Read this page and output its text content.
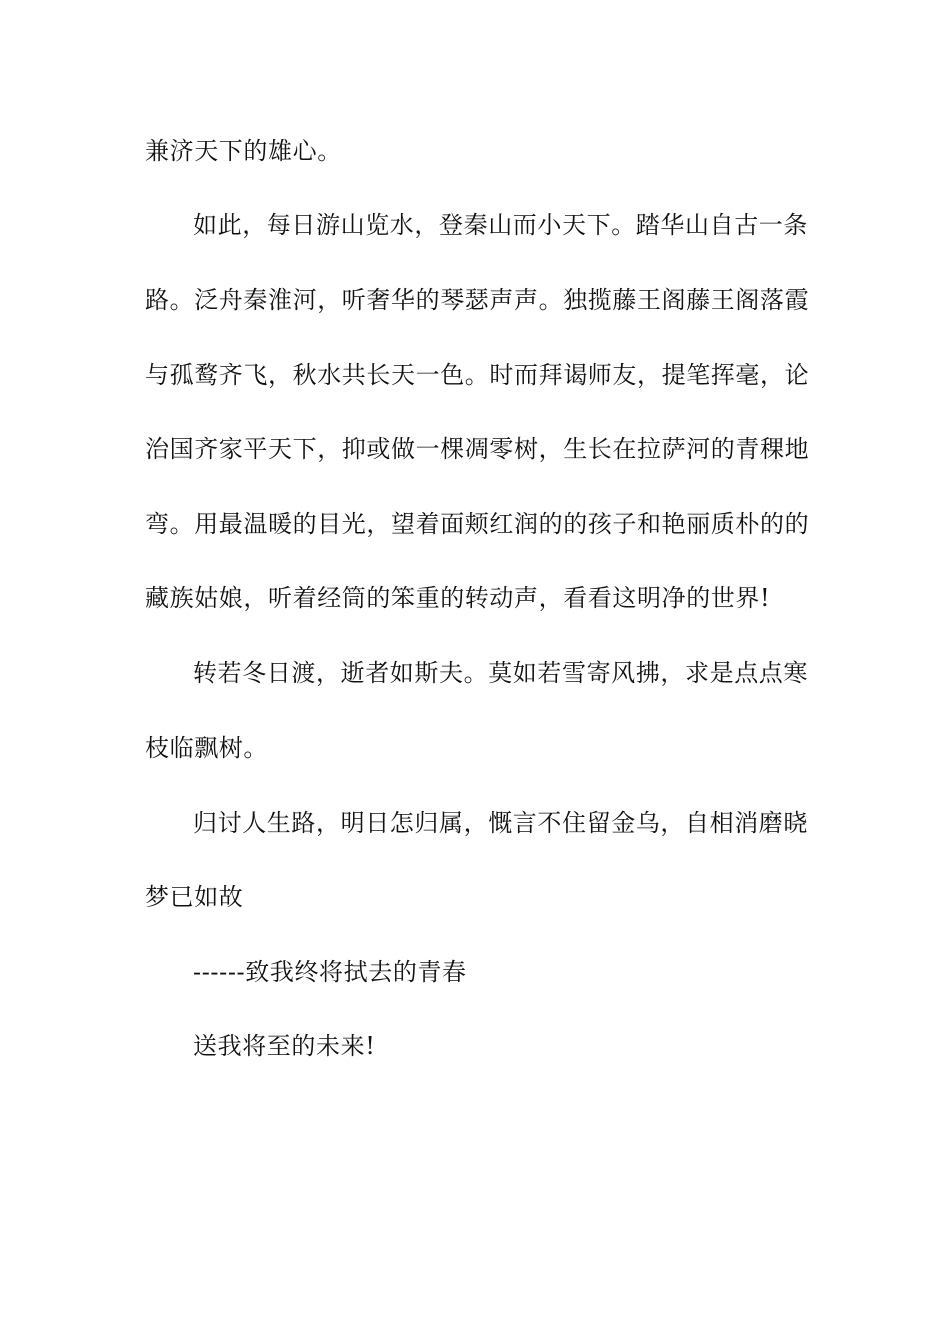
兼济天下的雄心。
如此，每日游山览水，登秦山而小天下。踏华山自古一条
路。泛舟秦淮河，听奢华的琴瑟声声。独揽藤王阁藤王阁落霞
与孤鹜齐飞，秋水共长天一色。时而拜谒师友，提笔挥毫，论
治国齐家平天下，抑或做一棵凋零树，生长在拉萨河的青稞地
弯。用最温暖的目光，望着面颊红润的的孩子和艳丽质朴的的
藏族姑娘，听着经筒的笨重的转动声，看看这明净的世界!
转若冬日渡，逝者如斯夫。莫如若雪寄风拂，求是点点寒
枝临飘树。
归讨人生路，明日怎归属，慨言不住留金乌，自相消磨晓
梦已如故
------致我终将拭去的青春
送我将至的未来!
